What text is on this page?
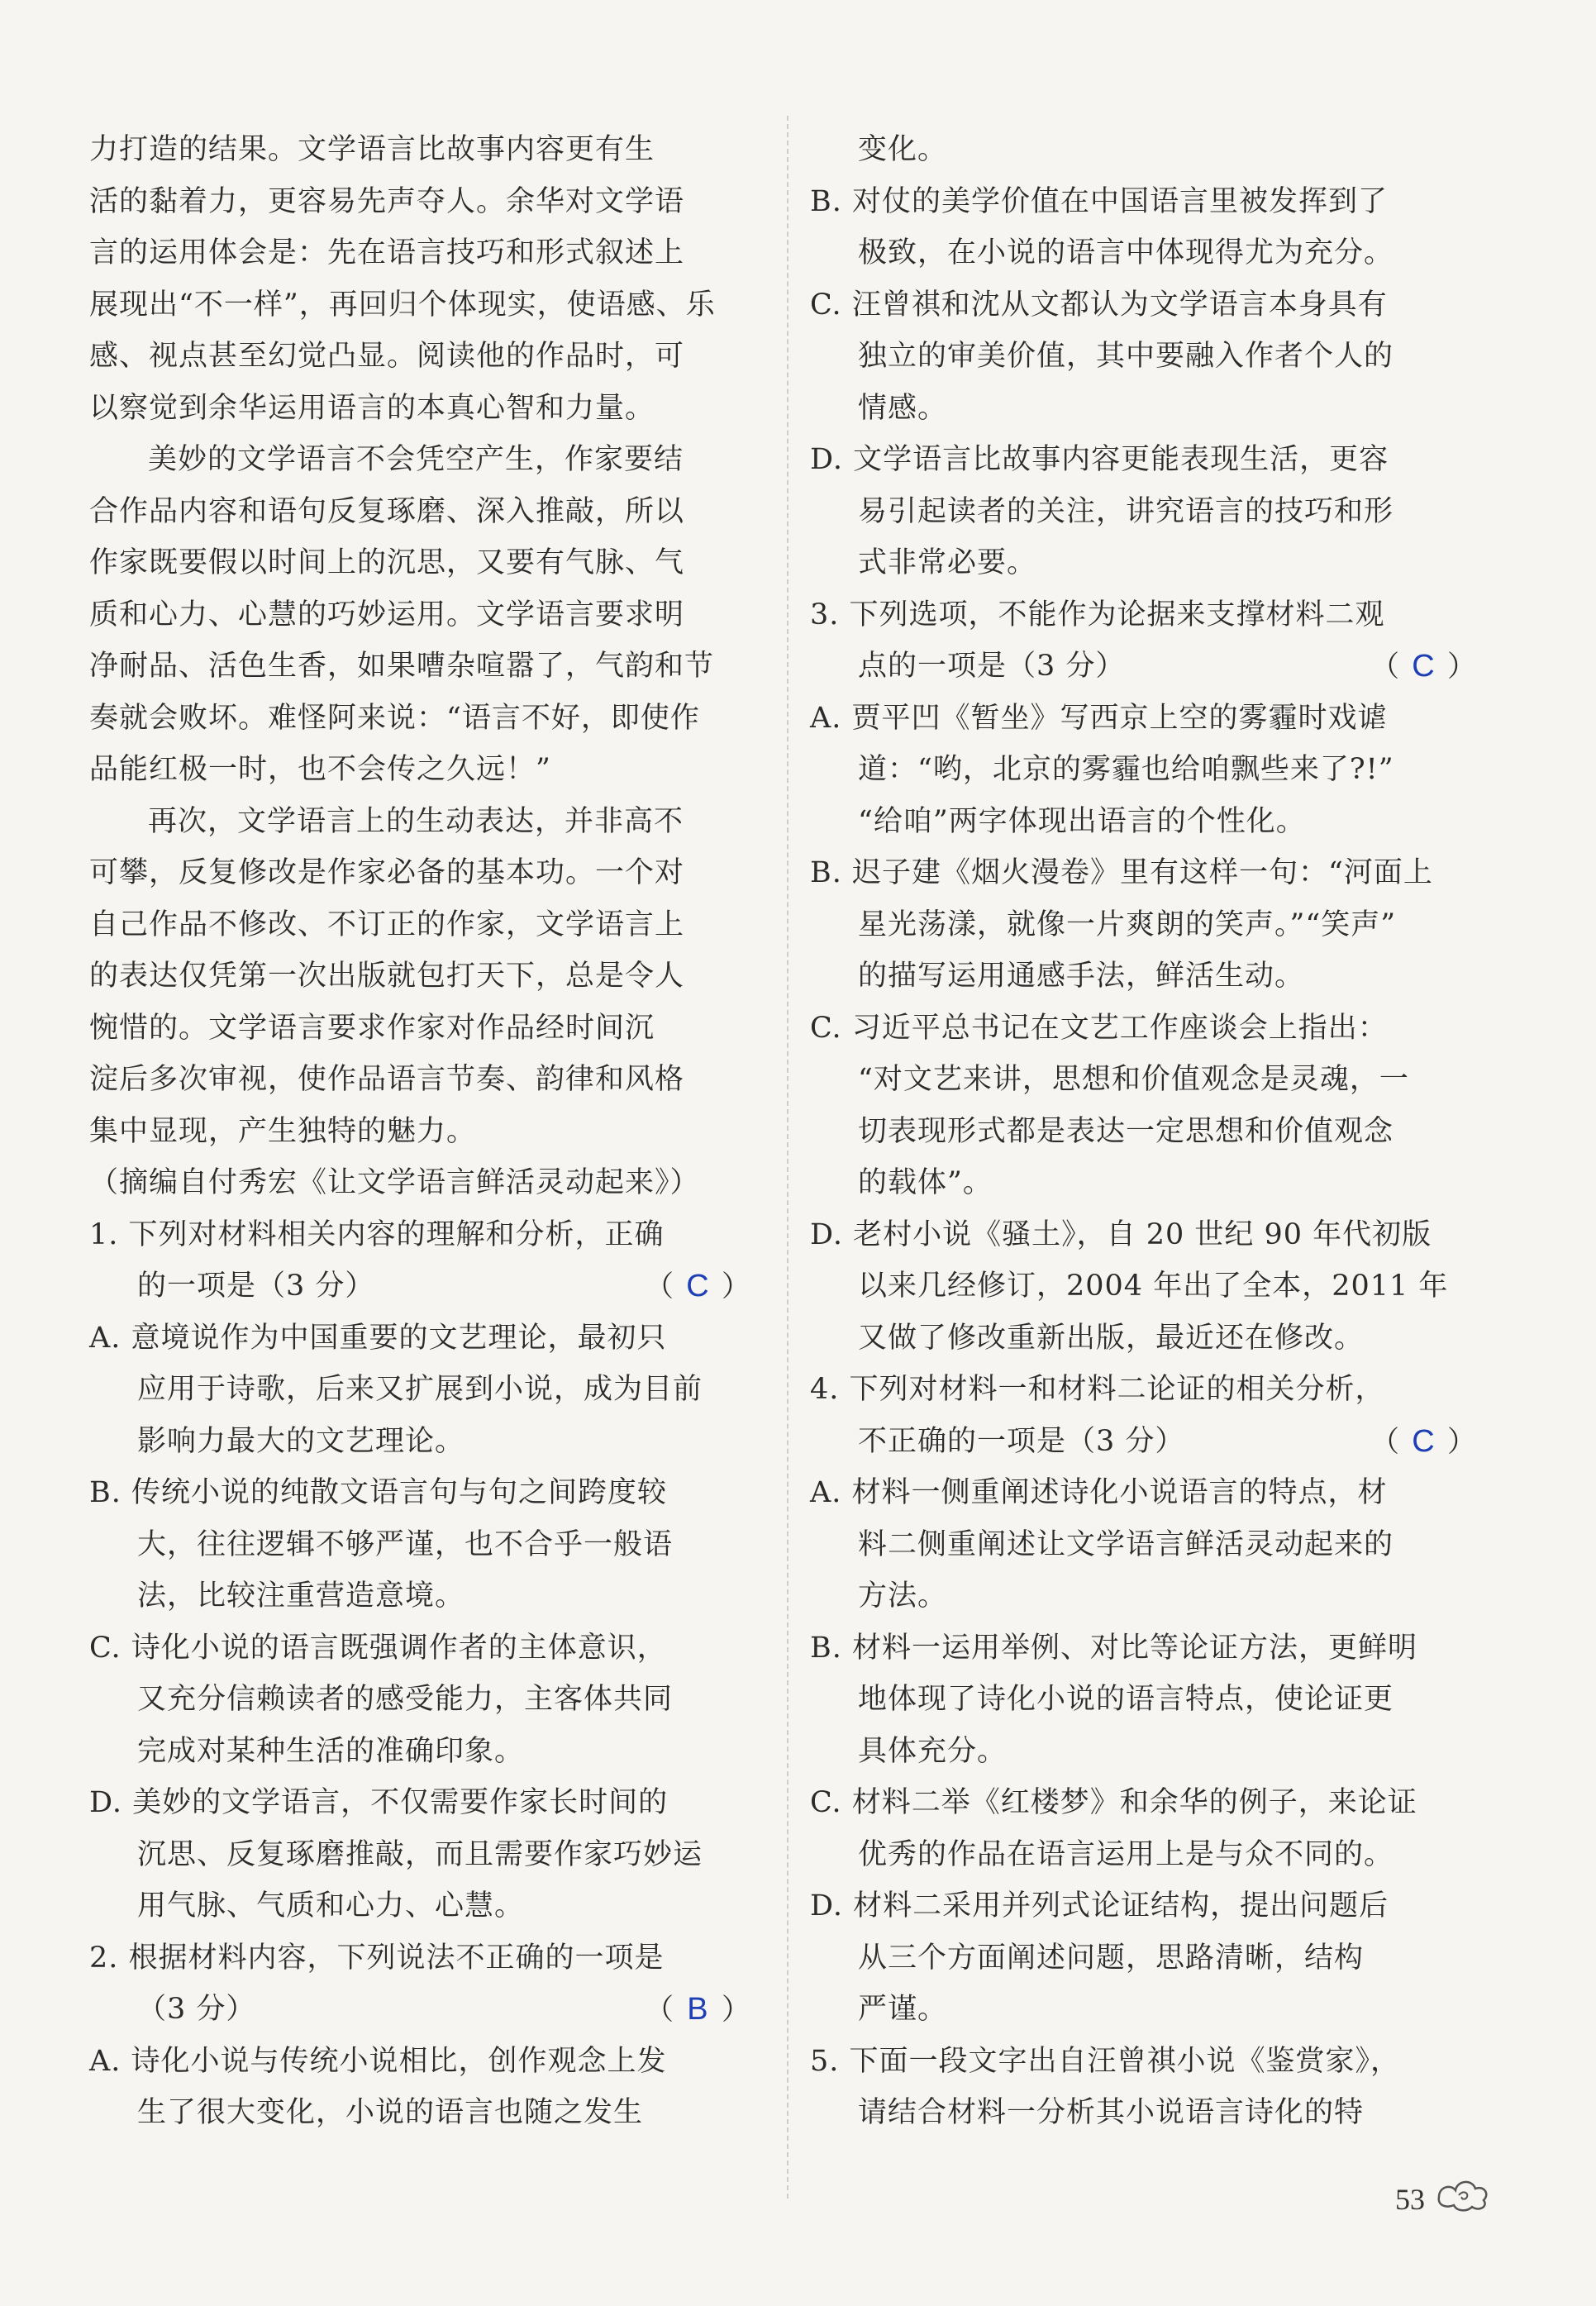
力打造的结果。文学语言比故事内容更有生
活的黏着力，更容易先声夺人。余华对文学语
言的运用体会是：先在语言技巧和形式叙述上
展现出“不一样”，再回归个体现实，使语感、乐
感、视点甚至幻觉凸显。阅读他的作品时，可
以察觉到余华运用语言的本真心智和力量。
美妙的文学语言不会凭空产生，作家要结
合作品内容和语句反复琢磨、深入推敲，所以
作家既要假以时间上的沉思，又要有气脉、气
质和心力、心慧的巧妙运用。文学语言要求明
净耐品、活色生香，如果嘈杂喧嚣了，气韵和节
奏就会败坏。难怪阿来说：“语言不好，即使作
品能红极一时，也不会传之久远！”
再次，文学语言上的生动表达，并非高不
可攀，反复修改是作家必备的基本功。一个对
自己作品不修改、不订正的作家，文学语言上
的表达仅凭第一次出版就包打天下，总是令人
惋惜的。文学语言要求作家对作品经时间沉
淀后多次审视，使作品语言节奏、韵律和风格
集中显现，产生独特的魅力。
（摘编自付秀宏《让文学语言鲜活灵动起来》）
1. 下列对材料相关内容的理解和分析，正确
的一项是（3 分）	（ C ）
A. 意境说作为中国重要的文艺理论，最初只
应用于诗歌，后来又扩展到小说，成为目前
影响力最大的文艺理论。
B. 传统小说的纯散文语言句与句之间跨度较
大，往往逻辑不够严谨，也不合乎一般语
法，比较注重营造意境。
C. 诗化小说的语言既强调作者的主体意识，
又充分信赖读者的感受能力，主客体共同
完成对某种生活的准确印象。
D. 美妙的文学语言，不仅需要作家长时间的
沉思、反复琢磨推敲，而且需要作家巧妙运
用气脉、气质和心力、心慧。
2. 根据材料内容，下列说法不正确的一项是
（3 分）	（ B ）
A. 诗化小说与传统小说相比，创作观念上发
生了很大变化，小说的语言也随之发生
变化。
B. 对仗的美学价值在中国语言里被发挥到了
极致，在小说的语言中体现得尤为充分。
C. 汪曾祺和沈从文都认为文学语言本身具有
独立的审美价值，其中要融入作者个人的
情感。
D. 文学语言比故事内容更能表现生活，更容
易引起读者的关注，讲究语言的技巧和形
式非常必要。
3. 下列选项，不能作为论据来支撑材料二观
点的一项是（3 分）	（ C ）
A. 贾平凹《暂坐》写西京上空的雾霾时戏谑
道：“哟，北京的雾霾也给咱飘些来了?!”
“给咱”两字体现出语言的个性化。
B. 迟子建《烟火漫卷》里有这样一句：“河面上
星光荡漾，就像一片爽朗的笑声。”“笑声”
的描写运用通感手法，鲜活生动。
C. 习近平总书记在文艺工作座谈会上指出：
“对文艺来讲，思想和价值观念是灵魂，一
切表现形式都是表达一定思想和价值观念
的载体”。
D. 老村小说《骚土》，自 20 世纪 90 年代初版
以来几经修订，2004 年出了全本，2011 年
又做了修改重新出版，最近还在修改。
4. 下列对材料一和材料二论证的相关分析，
不正确的一项是（3 分）	（ C ）
A. 材料一侧重阐述诗化小说语言的特点，材
料二侧重阐述让文学语言鲜活灵动起来的
方法。
B. 材料一运用举例、对比等论证方法，更鲜明
地体现了诗化小说的语言特点，使论证更
具体充分。
C. 材料二举《红楼梦》和余华的例子，来论证
优秀的作品在语言运用上是与众不同的。
D. 材料二采用并列式论证结构，提出问题后
从三个方面阐述问题，思路清晰，结构
严谨。
5. 下面一段文字出自汪曾祺小说《鉴赏家》，
请结合材料一分析其小说语言诗化的特
53
